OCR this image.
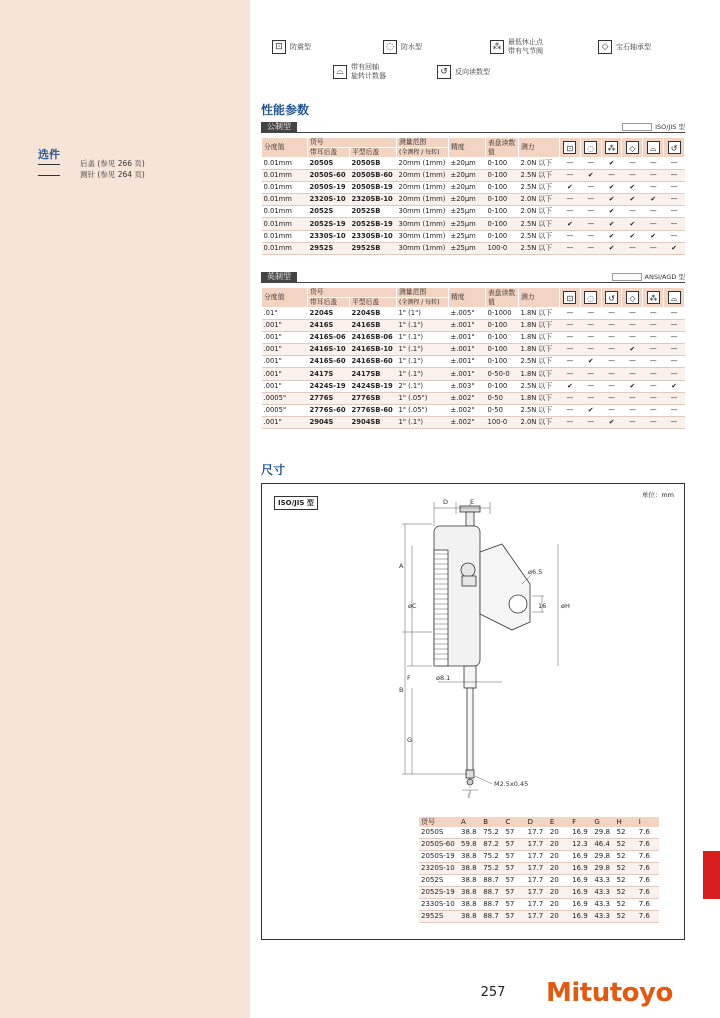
选件
后盖 (参见 266 页)
测针 (参见 264 页)
⊡	防震型	◌	防水型	⁂ 最低休止点
带有气节阀	◇	宝石轴承型
⌓	带有回轴
旋转计数器	↺	反向读数型
性能参数
公制型	ISO/JIS 型
分度值	货号		测量范围	精度	表盘读数值	测力	⊡	◌	⁂	◇	⌓	↺
	带耳后盖	平型后盖	(全测程 / 每转)									
0.01mm	2050S	2050SB	20mm (1mm)	±20μm	0-100	2.0N 以下	—	—	✔	—	—	—
0.01mm	2050S-60	2050SB-60	20mm (1mm)	±20μm	0-100	2.5N 以下	—	✔	—	—	—	—
0.01mm	2050S-19	2050SB-19	20mm (1mm)	±20μm	0-100	2.5N 以下	✔	—	✔	✔	—	—
0.01mm	2320S-10	2320SB-10	20mm (1mm)	±20μm	0-100	2.0N 以下	—	—	✔	✔	✔	—
0.01mm	2052S	2052SB	30mm (1mm)	±25μm	0-100	2.0N 以下	—	—	✔	—	—	—
0.01mm	2052S-19	2052SB-19	30mm (1mm)	±25μm	0-100	2.5N 以下	✔	—	✔	✔	—	—
0.01mm	2330S-10	2330SB-10	30mm (1mm)	±25μm	0-100	2.5N 以下	—	—	✔	✔	✔	—
0.01mm	2952S	2952SB	30mm (1mm)	±25μm	100-0	2.5N 以下	—	—	✔	—	—	✔
英制型	ANSI/AGD 型
分度值	货号		测量范围	精度	表盘读数值	测力	⊡	◌	↺	◇	⁂	⌓
	带耳后盖	平型后盖	(全测程 / 每转)									
.01"	2204S	2204SB	1" (1")	±.005"	0-1000	1.8N 以下	—	—	—	—	—	—
.001"	2416S	2416SB	1" (.1")	±.001"	0-100	1.8N 以下	—	—	—	—	—	—
.001"	2416S-06	2416SB-06	1" (.1")	±.001"	0-100	1.8N 以下	—	—	—	—	—	—
.001"	2416S-10	2416SB-10	1" (.1")	±.001"	0-100	1.8N 以下	—	—	—	✔	—	—
.001"	2416S-60	2416SB-60	1" (.1")	±.001"	0-100	2.5N 以下	—	✔	—	—	—	—
.001"	2417S	2417SB	1" (.1")	±.001"	0-50-0	1.8N 以下	—	—	—	—	—	—
.001"	2424S-19	2424SB-19	2" (.1")	±.003"	0-100	2.5N 以下	✔	—	—	✔	—	✔
.0005"	2776S	2776SB	1" (.05")	±.002"	0-50	1.8N 以下	—	—	—	—	—	—
.0005"	2776S-60	2776SB-60	1" (.05")	±.002"	0-50	2.5N 以下	—	✔	—	—	—	—
.001"	2904S	2904SB	1" (.1")	±.002"	100-0	2.0N 以下	—	—	✔	—	—	—
尺寸
ISO/JIS 型
单位：mm
D	E
A
øC
B
F
G
øH
ø6.5
16
ø8.1
M2.5x0.45
I
货号	A	B	C	D	E	F	G	H	I
2050S	38.8	75.2	57	17.7	20	16.9	29.8	52	7.6
2050S-60	59.8	87.2	57	17.7	20	12.3	46.4	52	7.6
2050S-19	38.8	75.2	57	17.7	20	16.9	29.8	52	7.6
2320S-10	38.8	75.2	57	17.7	20	16.9	29.8	52	7.6
2052S	38.8	88.7	57	17.7	20	16.9	43.3	52	7.6
2052S-19	38.8	88.7	57	17.7	20	16.9	43.3	52	7.6
2330S-10	38.8	88.7	57	17.7	20	16.9	43.3	52	7.6
2952S	38.8	88.7	57	17.7	20	16.9	43.3	52	7.6
257 Mitutoyo
